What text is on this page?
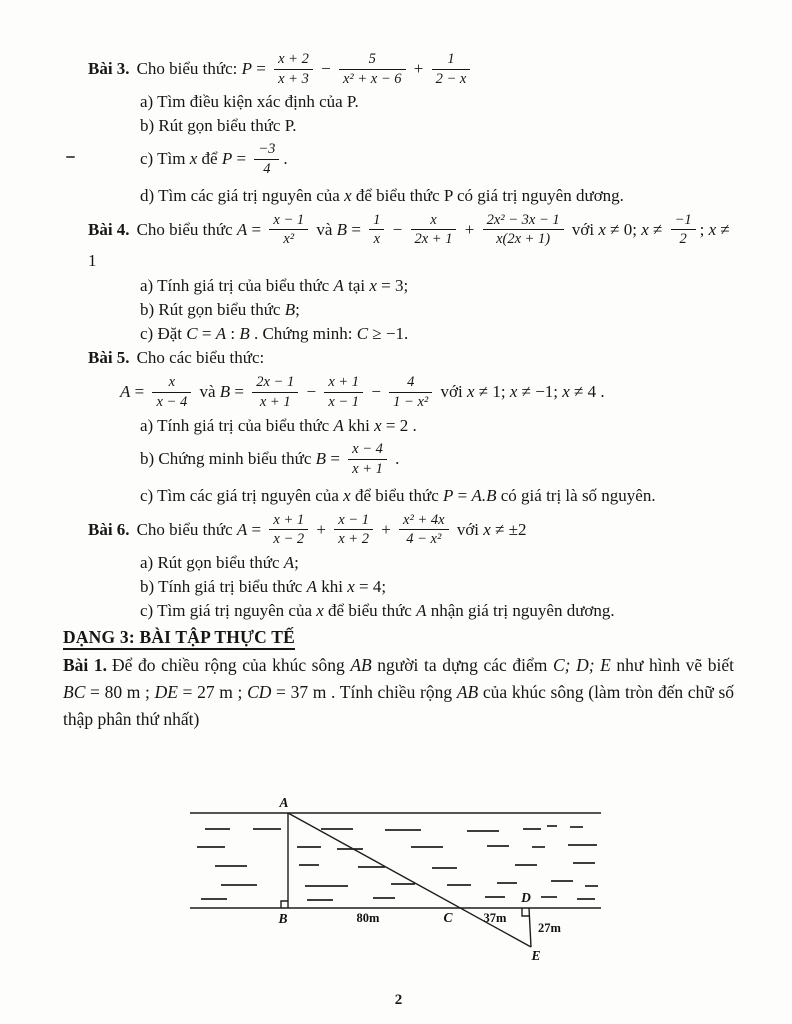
Bài 3. Cho biểu thức: $P = \frac{x + 2}{x + 3} - \frac{5}{\text{x² + x − 6}} + \frac{1}{2 - x}$
a) Tìm điều kiện xác định của P.
b) Rút gọn biểu thức P.
c) Tìm x để $P = \frac{-3}{4}$ .
d) Tìm các giá trị nguyên của x để biểu thức P có giá trị nguyên dương.
Bài 4. Cho biểu thức $A = \frac{x - 1}{\text{x²}}$ và $B = \frac{1}{x} - \frac{x}{2x + 1} + \frac{\text{2x² − 3x − 1}}{x(2x + 1)}$ với x ≠ 0; $x \ne \frac{-1}{2}$ ; x ≠ 1
a) Tính giá trị của biểu thức A tại x = 3;
b) Rút gọn biểu thức B;
c) Đặt C = A : B . Chứng minh: C ≥ −1.
Bài 5. Cho các biểu thức:
$A = \frac{x}{x - 4}$ và $B = \frac{2x - 1}{x + 1} - \frac{x + 1}{x - 1} - \frac{4}{\text{1 − x²}}$ với x ≠ 1; x ≠ −1; x ≠ 4 .
a) Tính giá trị của biểu thức A khi x = 2 .
b) Chứng minh biểu thức $B = \frac{x - 4}{x + 1}$ .
c) Tìm các giá trị nguyên của x để biểu thức P = A.B có giá trị là số nguyên.
Bài 6. Cho biểu thức $A = \frac{x + 1}{x - 2} + \frac{x - 1}{x + 2} + \frac{\text{x² + 4x}}{\text{4 − x²}}$ với x ≠ ±2
a) Rút gọn biểu thức A;
b) Tính giá trị biểu thức A khi x = 4;
c) Tìm giá trị nguyên của x để biểu thức A nhận giá trị nguyên dương.
DẠNG 3: BÀI TẬP THỰC TẾ

Bài 1. Để đo chiều rộng của khúc sông AB người ta dựng các điểm C; D; E như hình vẽ biết BC = 80 m ; DE = 27 m ; CD = 37 m . Tính chiều rộng AB của khúc sông (làm tròn đến chữ số thập phân thứ nhất)

A
B	C
D
E
80m	37m
27m
2
